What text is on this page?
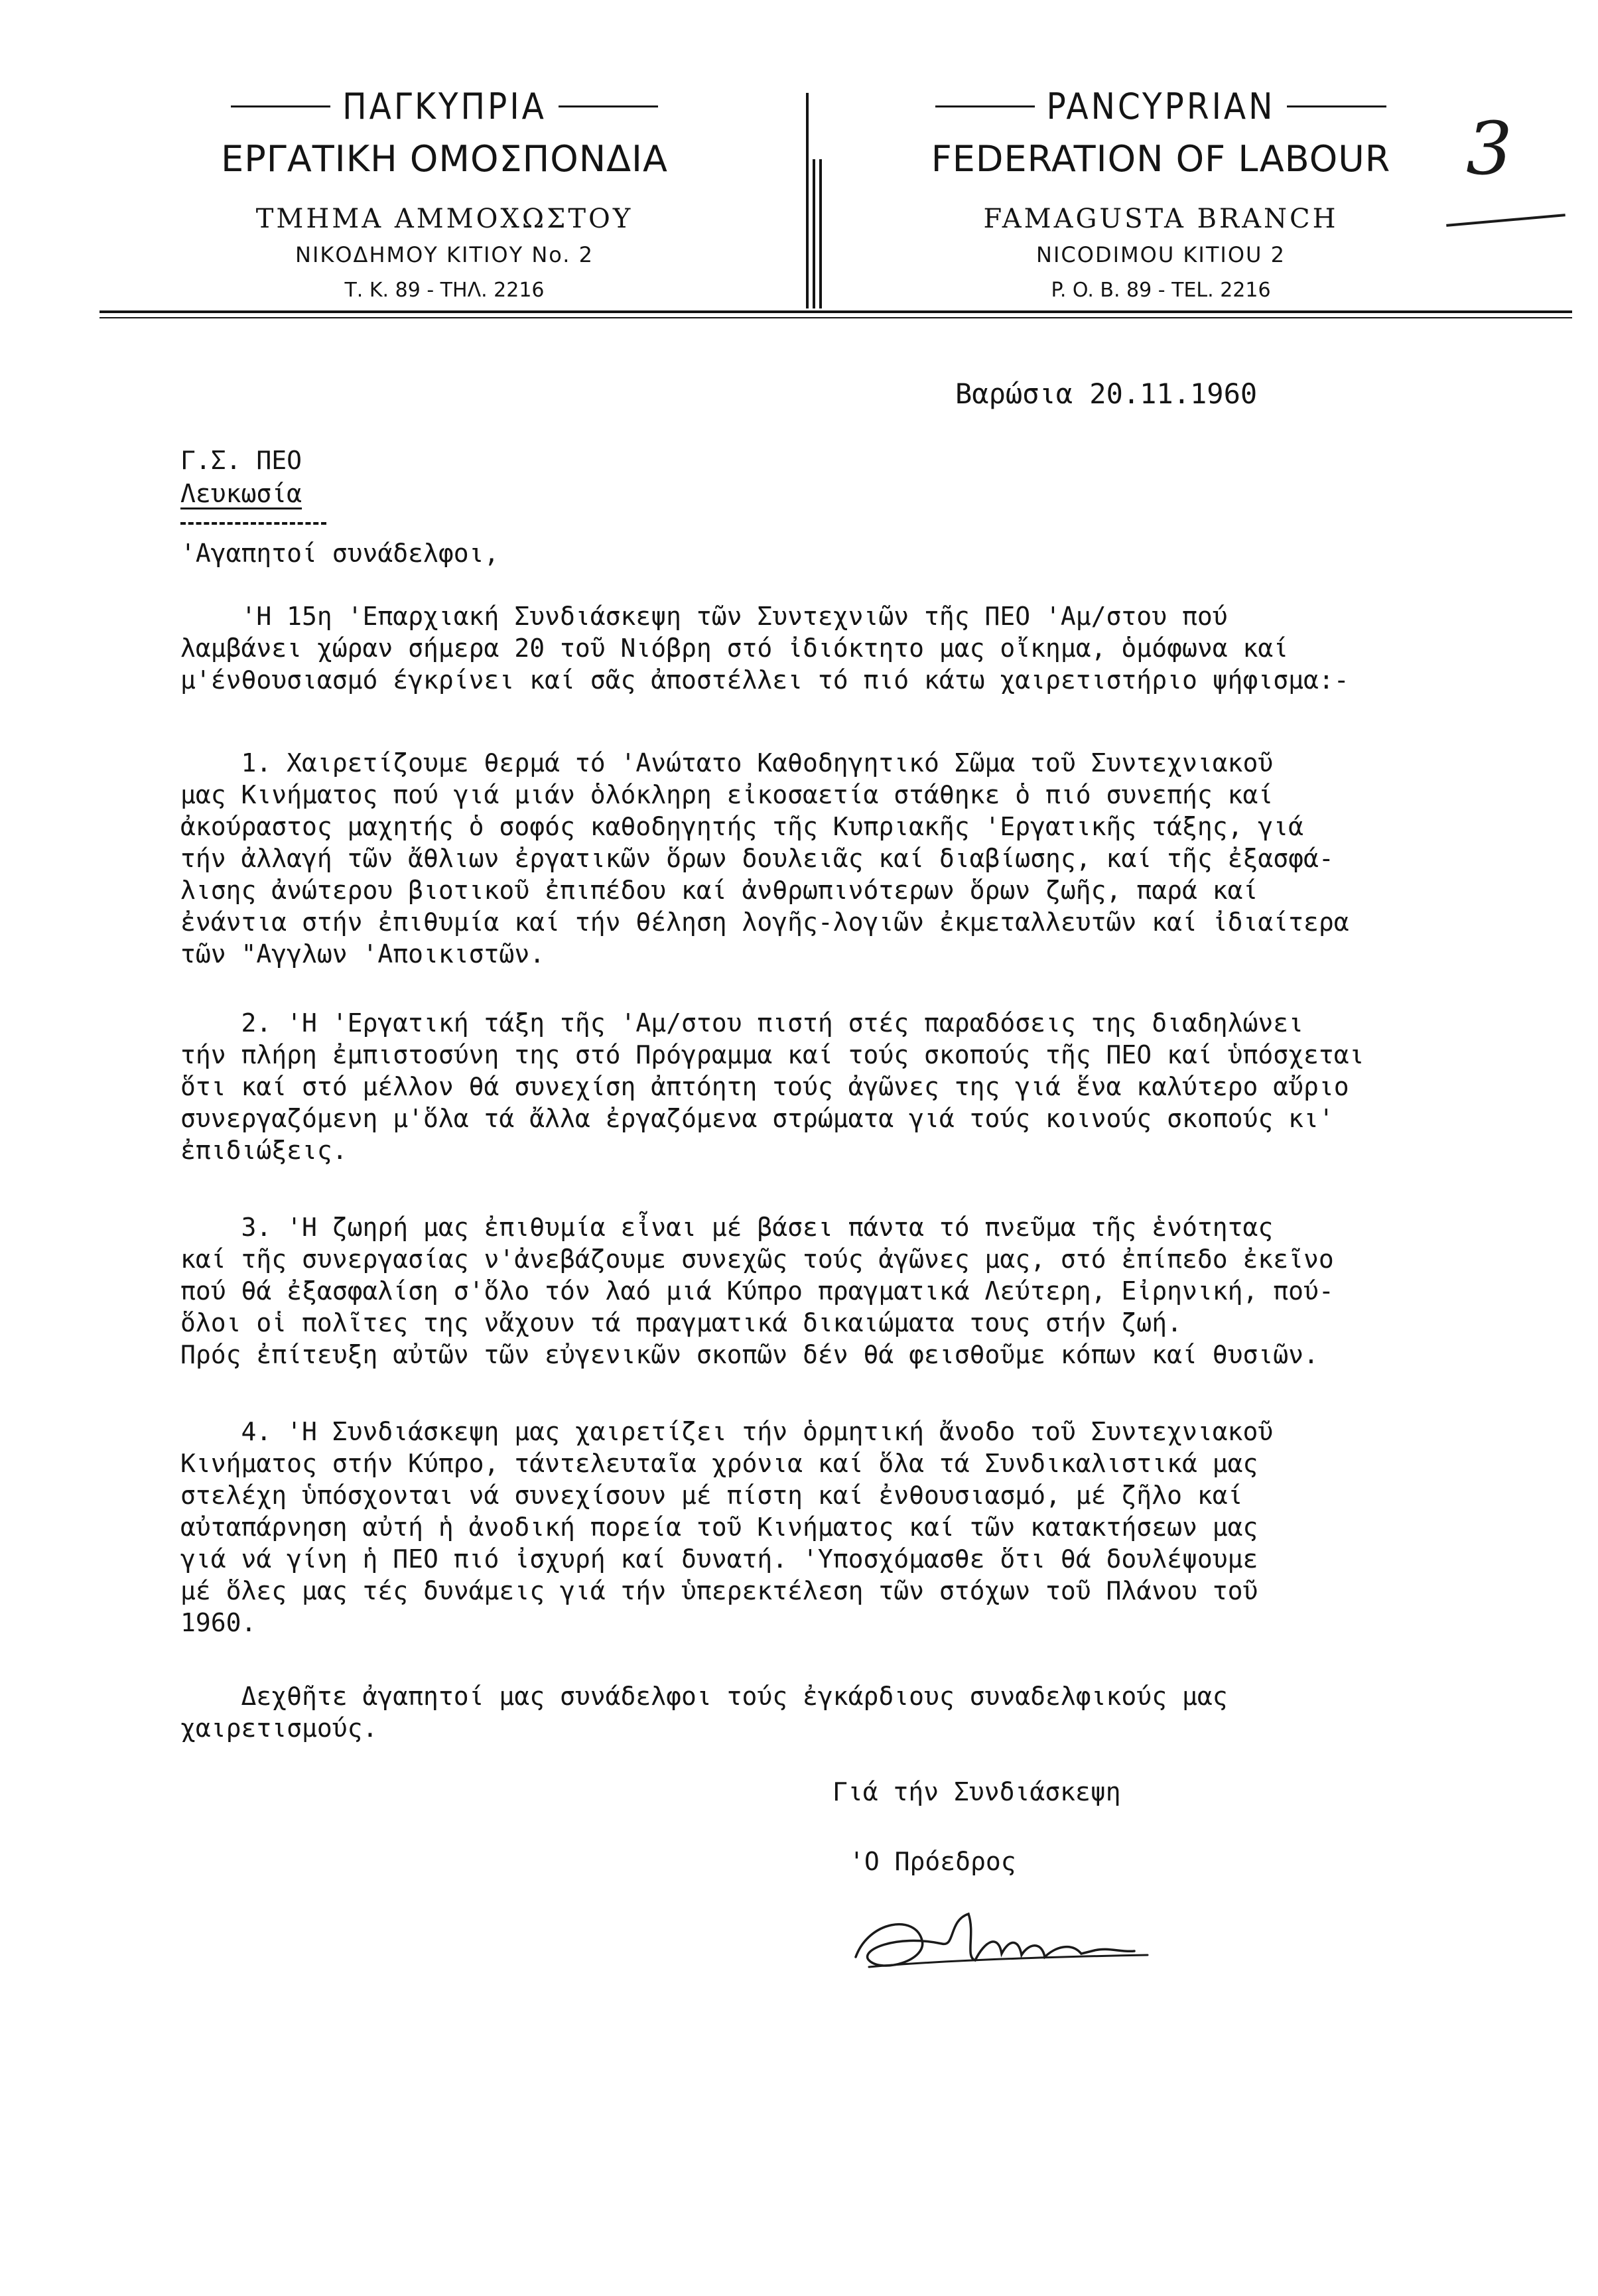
ΠΑΓΚΥΠΡΙΑ
ΕΡΓΑΤΙΚΗ ΟΜΟΣΠΟΝΔΙΑ
ΤΜΗΜΑ ΑΜΜΟΧΩΣΤΟΥ
ΝΙΚΟΔΗΜΟΥ ΚΙΤΙΟΥ No. 2
Τ. Κ. 89 - ΤΗΛ. 2216
PANCYPRIAN
FEDERATION OF LABOUR
FAMAGUSTA BRANCH
NICODIMOU KITIOU 2
P. O. B. 89 - TEL. 2216
3
Βαρώσια 20.11.1960
Γ.Σ. ΠΕΟ
Λευκωσία
'Αγαπητοί συνάδελφοι,
'Η 15η 'Επαρχιακή Συνδιάσκεψη τῶν Συντεχνιῶν τῆς ΠΕΟ 'Αμ/στου πού
λαμβάνει χώραν σήμερα 20 τοῦ Νιόβρη στό ἰδιόκτητο μας οἴκημα, ὁμόφωνα καί
μ'ένθουσιασμό έγκρίνει καί σᾶς ἀποστέλλει τό πιό κάτω χαιρετιστήριο ψήφισμα:-
1. Χαιρετίζουμε θερμά τό 'Ανώτατο Καθοδηγητικό Σῶμα τοῦ Συντεχνιακοῦ
μας Κινήματος πού γιά μιάν ὁλόκληρη εἰκοσαετία στάθηκε ὁ πιό συνεπής καί
ἀκούραστος μαχητής ὁ σοφός καθοδηγητής τῆς Κυπριακῆς 'Εργατικῆς τάξης, γιά
τήν ἀλλαγή τῶν ἄθλιων ἐργατικῶν ὅρων δουλειᾶς καί διαβίωσης, καί τῆς ἐξασφά-
λισης ἀνώτερου βιοτικοῦ ἐπιπέδου καί ἀνθρωπινότερων ὅρων ζωῆς, παρά καί
ἐνάντια στήν ἐπιθυμία καί τήν θέληση λογῆς-λογιῶν ἐκμεταλλευτῶν καί ἰδιαίτερα
τῶν "Αγγλων 'Αποικιστῶν.
2. 'Η 'Εργατική τάξη τῆς 'Αμ/στου πιστή στές παραδόσεις της διαδηλώνει
τήν πλήρη ἐμπιστοσύνη της στό Πρόγραμμα καί τούς σκοπούς τῆς ΠΕΟ καί ὑπόσχεται
ὅτι καί στό μέλλον θά συνεχίση ἀπτόητη τούς ἀγῶνες της γιά ἕνα καλύτερο αὔριο
συνεργαζόμενη μ'ὅλα τά ἄλλα ἐργαζόμενα στρώματα γιά τούς κοινούς σκοπούς κι'
ἐπιδιώξεις.
3. 'Η ζωηρή μας ἐπιθυμία εἶναι μέ βάσει πάντα τό πνεῦμα τῆς ἑνότητας
καί τῆς συνεργασίας ν'ἀνεβάζουμε συνεχῶς τούς ἀγῶνες μας, στό ἐπίπεδο ἐκεῖνο
πού θά ἐξασφαλίση σ'ὅλο τόν λαό μιά Κύπρο πραγματικά Λεύτερη, Εἰρηνική, πού-
ὅλοι οἱ πολῖτες της νἄχουν τά πραγματικά δικαιώματα τους στήν ζωή.
Πρός ἐπίτευξη αὐτῶν τῶν εὐγενικῶν σκοπῶν δέν θά φεισθοῦμε κόπων καί θυσιῶν.
4. 'Η Συνδιάσκεψη μας χαιρετίζει τήν ὁρμητική ἄνοδο τοῦ Συντεχνιακοῦ
Κινήματος στήν Κύπρο, τάντελευταῖα χρόνια καί ὅλα τά Συνδικαλιστικά μας
στελέχη ὑπόσχονται νά συνεχίσουν μέ πίστη καί ἐνθουσιασμό, μέ ζῆλο καί
αὐταπάρνηση αὐτή ἡ ἀνοδική πορεία τοῦ Κινήματος καί τῶν κατακτήσεων μας
γιά νά γίνη ἡ ΠΕΟ πιό ἰσχυρή καί δυνατή. 'Υποσχόμασθε ὅτι θά δουλέψουμε
μέ ὅλες μας τές δυνάμεις γιά τήν ὑπερεκτέλεση τῶν στόχων τοῦ Πλάνου τοῦ
1960.
Δεχθῆτε ἀγαπητοί μας συνάδελφοι τούς ἐγκάρδιους συναδελφικούς μας
χαιρετισμούς.
Γιά τήν Συνδιάσκεψη
'Ο Πρόεδρος
